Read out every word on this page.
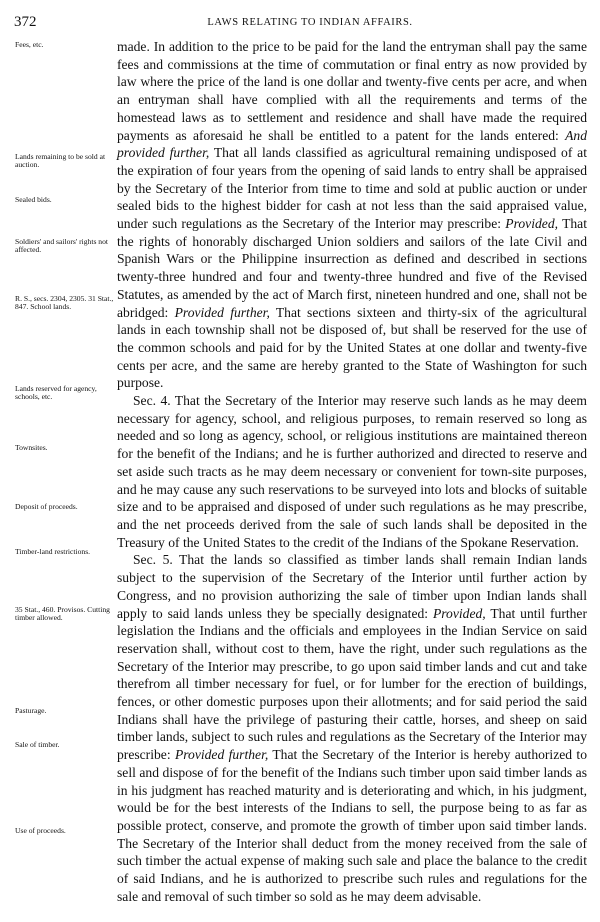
372	LAWS RELATING TO INDIAN AFFAIRS.
Fees, etc.
Lands remaining to be sold at auction.
Sealed bids.
Soldiers' and sailors' rights not affected.
R. S., secs. 2304, 2305. 31 Stat., 847. School lands.
Lands reserved for agency, schools, etc.
Townsites.
Deposit of proceeds.
Timber-land restrictions.
35 Stat., 460. Provisos. Cutting timber allowed.
Pasturage.
Sale of timber.
Use of proceeds.

made. In addition to the price to be paid for the land the entryman shall pay the same fees and commissions at the time of commutation or final entry as now provided by law where the price of the land is one dollar and twenty-five cents per acre, and when an entryman shall have complied with all the requirements and terms of the homestead laws as to settlement and residence and shall have made the required payments as aforesaid he shall be entitled to a patent for the lands entered: And provided further, That all lands classified as agricultural remaining undisposed of at the expiration of four years from the opening of said lands to entry shall be appraised by the Secretary of the Interior from time to time and sold at public auction or under sealed bids to the highest bidder for cash at not less than the said appraised value, under such regulations as the Secretary of the Interior may prescribe: Provided, That the rights of honorably discharged Union soldiers and sailors of the late Civil and Spanish Wars or the Philippine insurrection as defined and described in sections twenty-three hundred and four and twenty-three hundred and five of the Revised Statutes, as amended by the act of March first, nineteen hundred and one, shall not be abridged: Provided further, That sections sixteen and thirty-six of the agricultural lands in each township shall not be disposed of, but shall be reserved for the use of the common schools and paid for by the United States at one dollar and twenty-five cents per acre, and the same are hereby granted to the State of Washington for such purpose.

Sec. 4. That the Secretary of the Interior may reserve such lands as he may deem necessary for agency, school, and religious purposes, to remain reserved so long as needed and so long as agency, school, or religious institutions are maintained thereon for the benefit of the Indians; and he is further authorized and directed to reserve and set aside such tracts as he may deem necessary or convenient for town-site purposes, and he may cause any such reservations to be surveyed into lots and blocks of suitable size and to be appraised and disposed of under such regulations as he may prescribe, and the net proceeds derived from the sale of such lands shall be deposited in the Treasury of the United States to the credit of the Indians of the Spokane Reservation.

Sec. 5. That the lands so classified as timber lands shall remain Indian lands subject to the supervision of the Secretary of the Interior until further action by Congress, and no provision authorizing the sale of timber upon Indian lands shall apply to said lands unless they be specially designated: Provided, That until further legislation the Indians and the officials and employees in the Indian Service on said reservation shall, without cost to them, have the right, under such regulations as the Secretary of the Interior may prescribe, to go upon said timber lands and cut and take therefrom all timber necessary for fuel, or for lumber for the erection of buildings, fences, or other domestic purposes upon their allotments; and for said period the said Indians shall have the privilege of pasturing their cattle, horses, and sheep on said timber lands, subject to such rules and regulations as the Secretary of the Interior may prescribe: Provided further, That the Secretary of the Interior is hereby authorized to sell and dispose of for the benefit of the Indians such timber upon said timber lands as in his judgment has reached maturity and is deteriorating and which, in his judgment, would be for the best interests of the Indians to sell, the purpose being to as far as possible protect, conserve, and promote the growth of timber upon said timber lands. The Secretary of the Interior shall deduct from the money received from the sale of such timber the actual expense of making such sale and place the balance to the credit of said Indians, and he is authorized to prescribe such rules and regulations for the sale and removal of such timber so sold as he may deem advisable.
